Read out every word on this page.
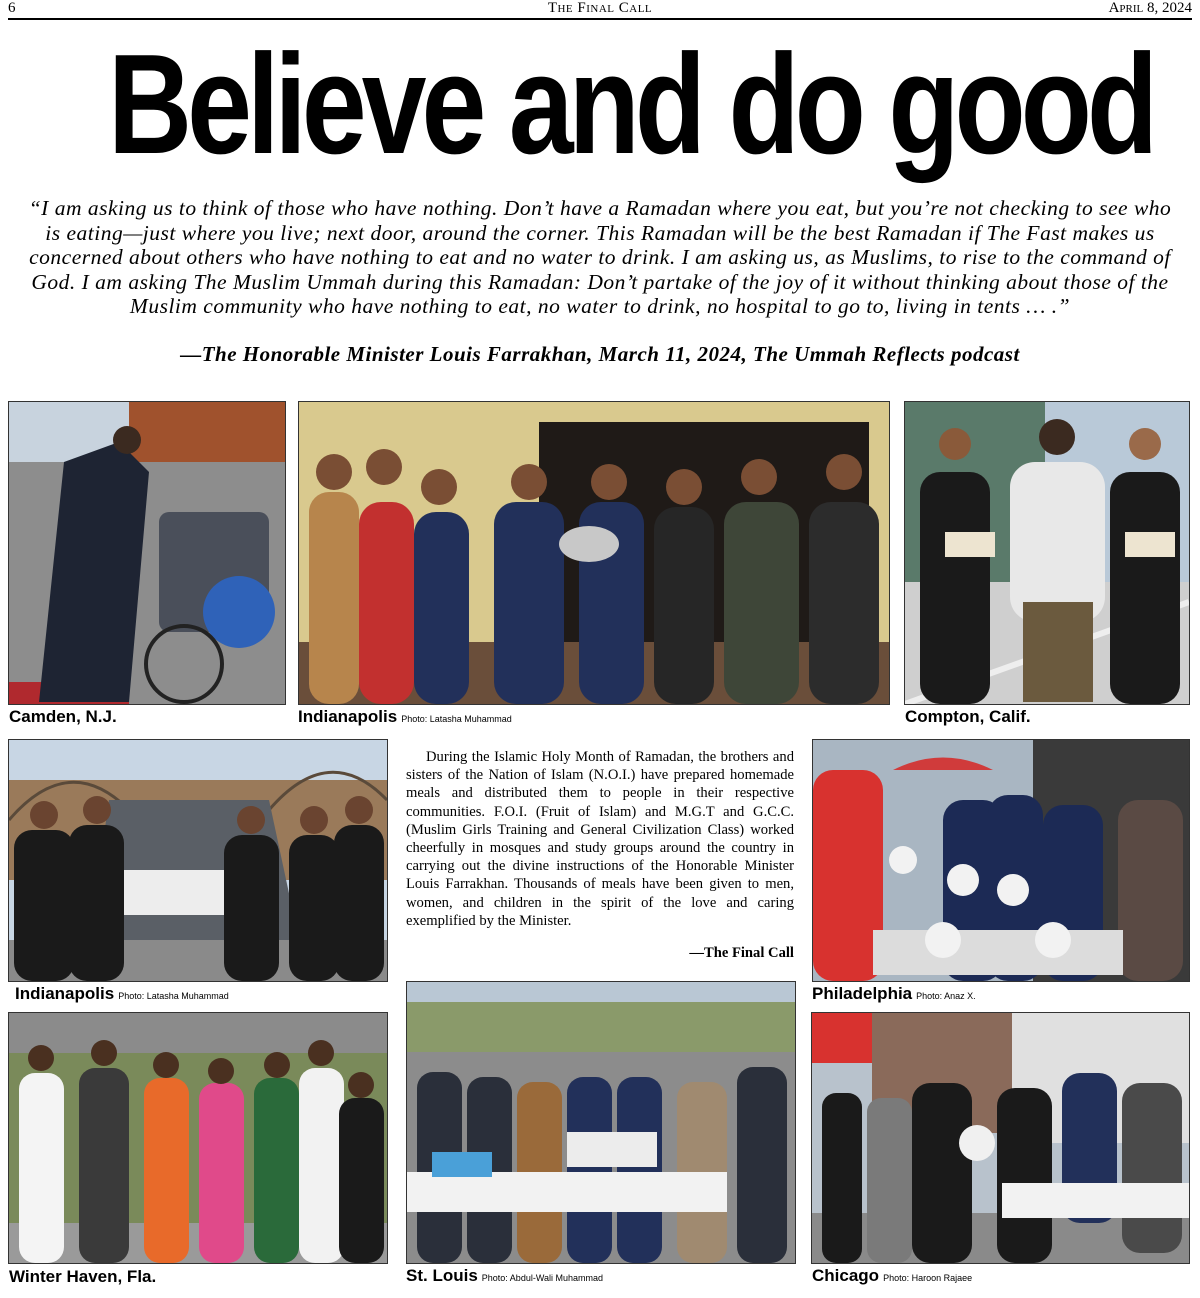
6	The Final Call	April 8, 2024
Believe and do good
“I am asking us to think of those who have nothing. Don’t have a Ramadan where you eat, but you’re not checking to see who is eating—just where you live; next door, around the corner. This Ramadan will be the best Ramadan if The Fast makes us concerned about others who have nothing to eat and no water to drink. I am asking us, as Muslims, to rise to the command of God. I am asking The Muslim Ummah during this Ramadan: Don’t partake of the joy of it without thinking about those of the Muslim community who have nothing to eat, no water to drink, no hospital to go to, living in tents … .”
—The Honorable Minister Louis Farrakhan, March 11, 2024, The Ummah Reflects podcast
Camden, N.J.	Indianapolis Photo: Latasha Muhammad	Compton, Calif.
Indianapolis Photo: Latasha Muhammad
During the Islamic Holy Month of Ramadan, the brothers and sisters of the Nation of Islam (N.O.I.) have prepared homemade meals and distributed them to people in their respective communities. F.O.I. (Fruit of Islam) and M.G.T and G.C.C. (Muslim Girls Training and General Civilization Class) worked cheerfully in mosques and study groups around the country in carrying out the divine instructions of the Honorable Minister Louis Farrakhan. Thousands of meals have been given to men, women, and children in the spirit of the love and caring exemplified by the Minister.
—The Final Call
Philadelphia Photo: Anaz X.
Winter Haven, Fla.	St. Louis Photo: Abdul-Wali Muhammad	Chicago Photo: Haroon Rajaee
